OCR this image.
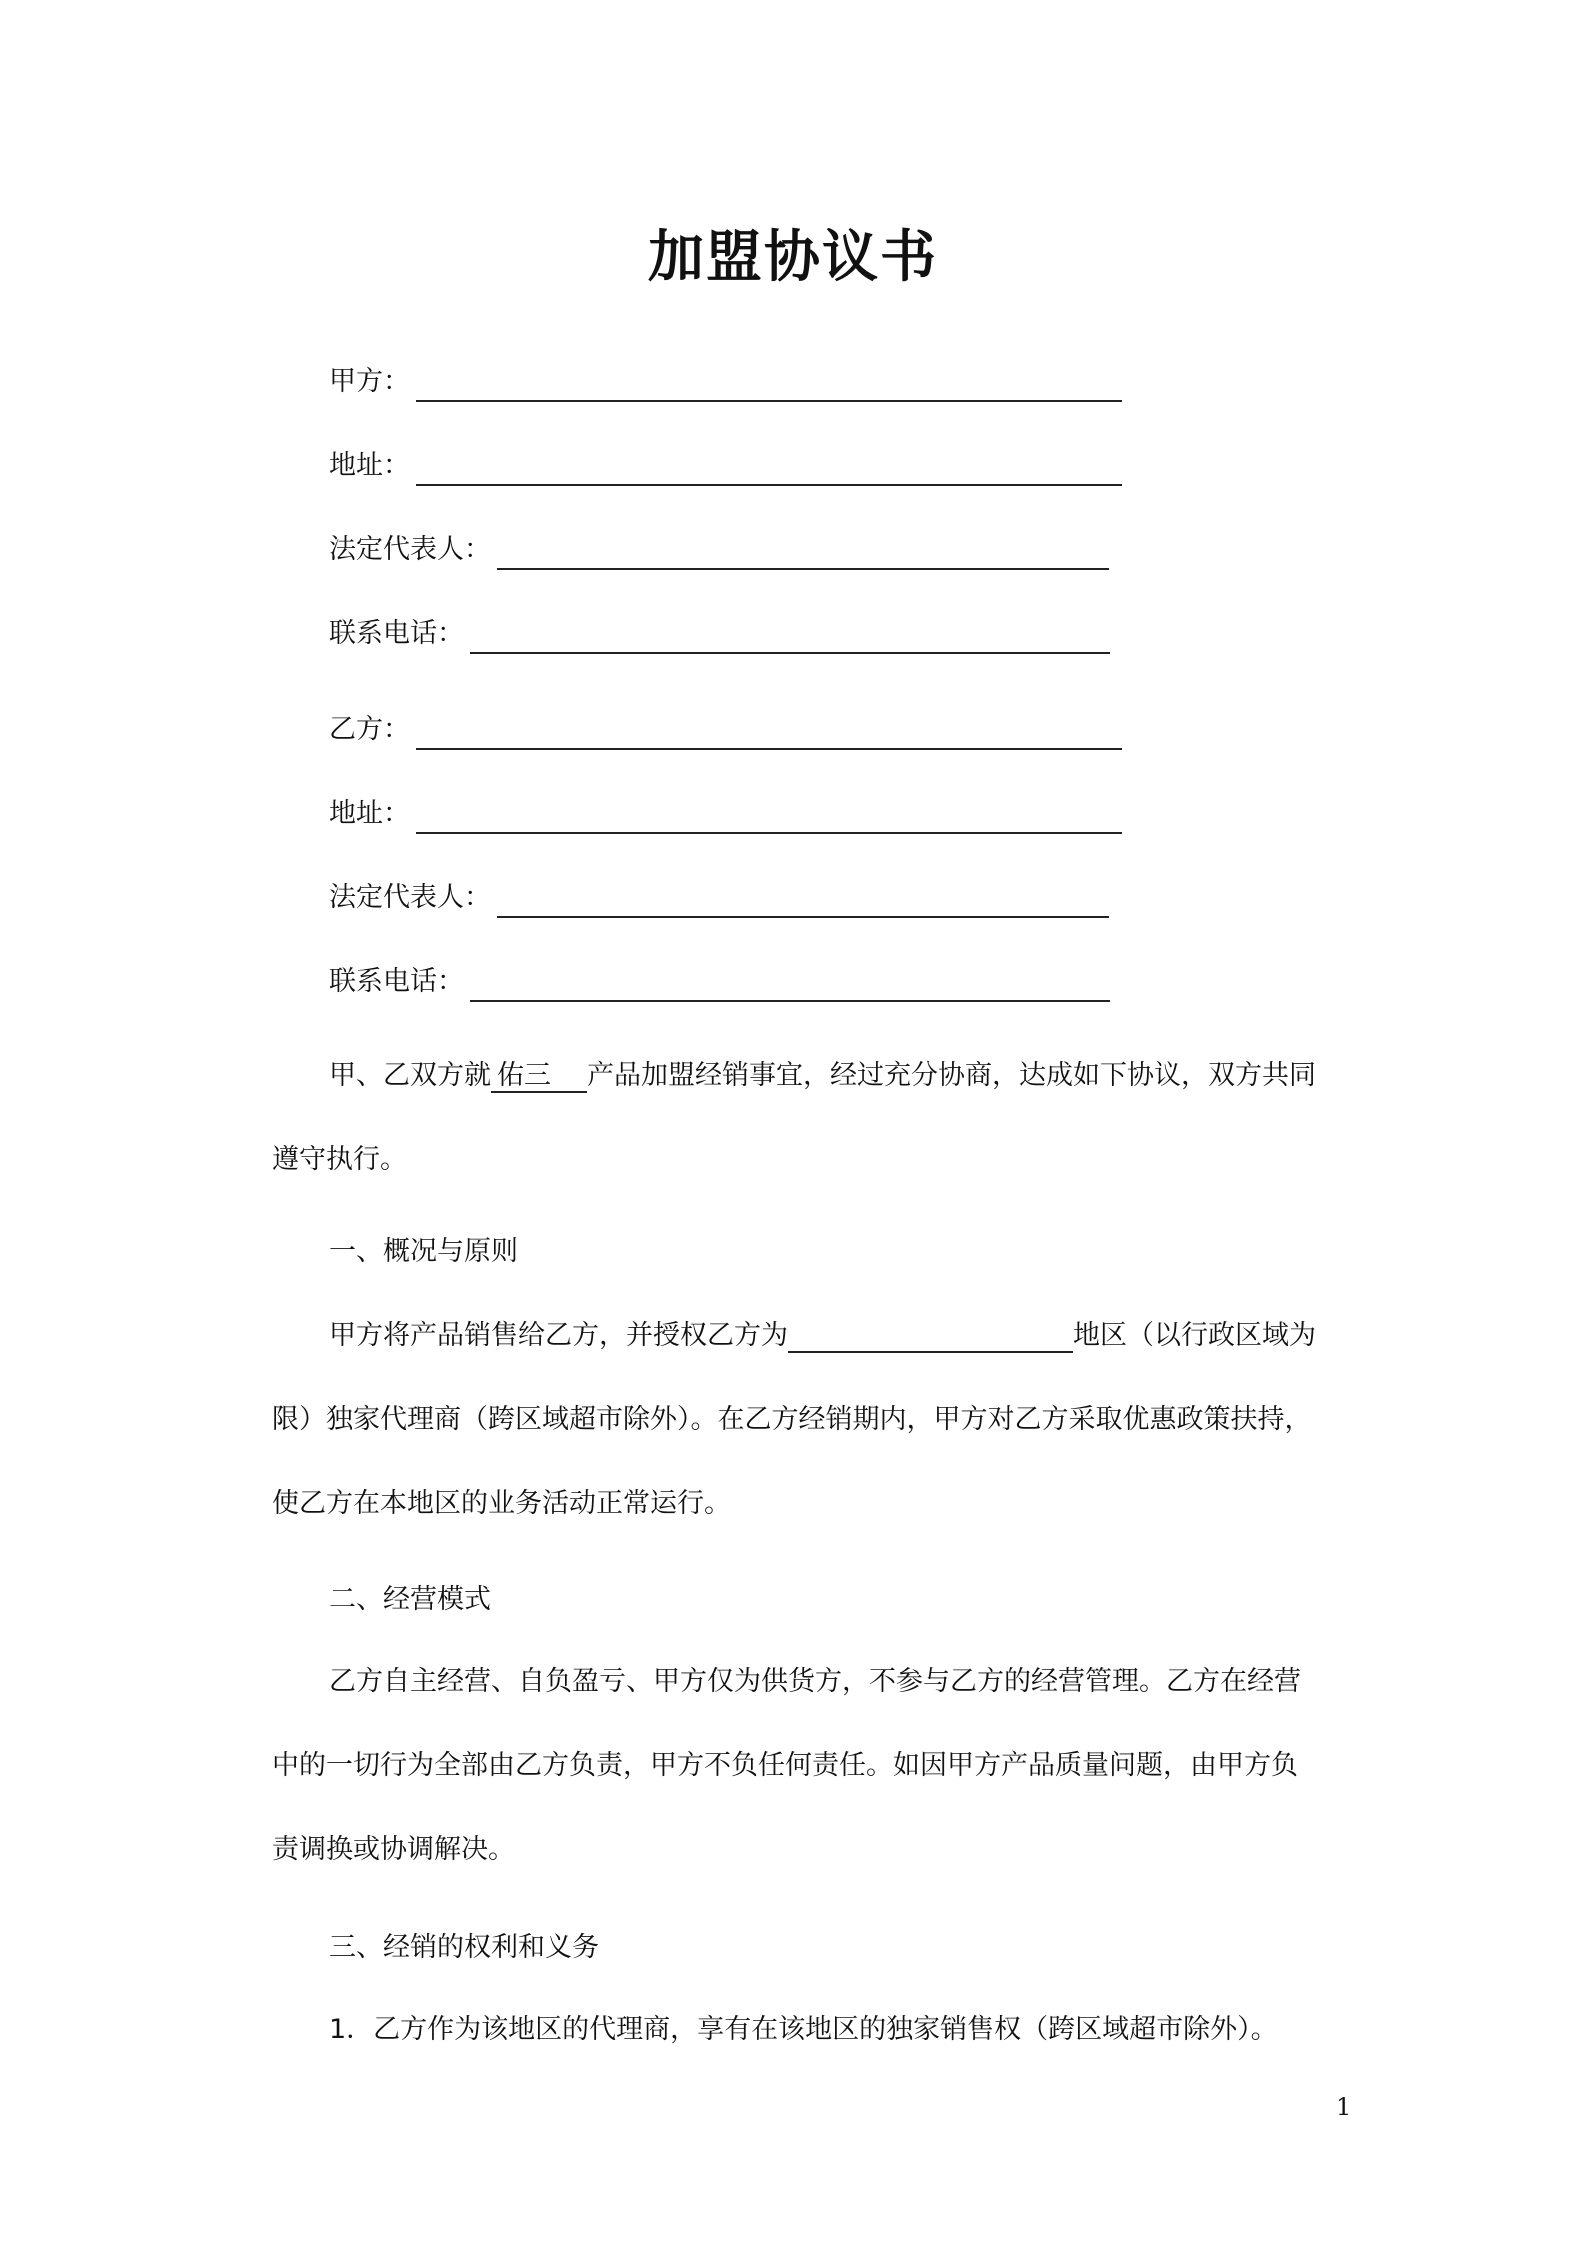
加盟协议书
甲方：
地址：
法定代表人：
联系电话：
乙方：
地址：
法定代表人：
联系电话：

甲、乙双方就 佑三 产品加盟经销事宜，经过充分协商，达成如下协议，双方共同遵守执行。

一、概况与原则

甲方将产品销售给乙方，并授权乙方为	地区（以行政区域为限）独家代理商（跨区域超市除外）。在乙方经销期内，甲方对乙方采取优惠政策扶持，使乙方在本地区的业务活动正常运行。

二、经营模式

乙方自主经营、自负盈亏、甲方仅为供货方，不参与乙方的经营管理。乙方在经营中的一切行为全部由乙方负责，甲方不负任何责任。如因甲方产品质量问题，由甲方负责调换或协调解决。

三、经销的权利和义务

1．乙方作为该地区的代理商，享有在该地区的独家销售权（跨区域超市除外）。

1
